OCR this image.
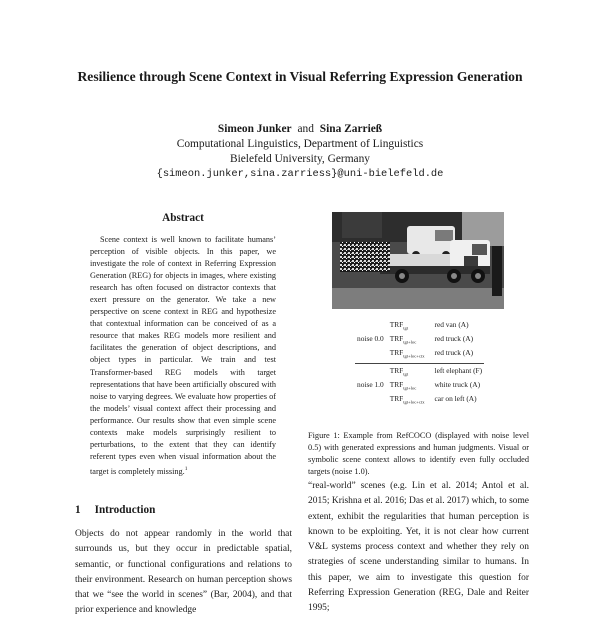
Resilience through Scene Context in Visual Referring Expression Generation
Simeon Junker and Sina Zarrieß
Computational Linguistics, Department of Linguistics
Bielefeld University, Germany
{simeon.junker,sina.zarriess}@uni-bielefeld.de
Abstract

Scene context is well known to facilitate humans’ perception of visible objects. In this paper, we investigate the role of context in Referring Expression Generation (REG) for objects in images, where existing research has often focused on distractor contexts that exert pressure on the generator. We take a new perspective on scene context in REG and hypothesize that contextual information can be conceived of as a resource that makes REG models more resilient and facilitates the generation of object descriptions, and object types in particular. We train and test Transformer-based REG models with target representations that have been artificially obscured with noise to varying degrees. We evaluate how properties of the models’ visual context affect their processing and performance. Our results show that even simple scene contexts make models surprisingly resilient to perturbations, to the extent that they can identify referent types even when visual information about the target is completely missing.$^1$

1 Introduction

Objects do not appear randomly in the world that surrounds us, but they occur in predictable spatial, semantic, or functional configurations and relations to their environment. Research on human perception shows that we “see the world in scenes” (Bar, 2004), and that prior experience and knowledge

	$TRF_{tgt}$	red van (A)
noise 0.0	$TRF_{tgt+loc}$	red truck (A)
	$TRF_{tgt+loc+ctx}$	red truck (A)
	$TRF_{tgt}$	left elephant (F)
noise 1.0	$TRF_{tgt+loc}$	white truck (A)
	$TRF_{tgt+loc+ctx}$	car on left (A)

Figure 1: Example from RefCOCO (displayed with noise level 0.5) with generated expressions and human judgments. Visual or symbolic scene context allows to identify even fully occluded targets (noise 1.0).

“real-world” scenes (e.g. Lin et al. 2014; Antol et al. 2015; Krishna et al. 2016; Das et al. 2017) which, to some extent, exhibit the regularities that human perception is known to be exploiting. Yet, it is not clear how current V&L systems process context and whether they rely on strategies of scene understanding similar to humans. In this paper, we aim to investigate this question for Referring Expression Generation (REG, Dale and Reiter 1995;
